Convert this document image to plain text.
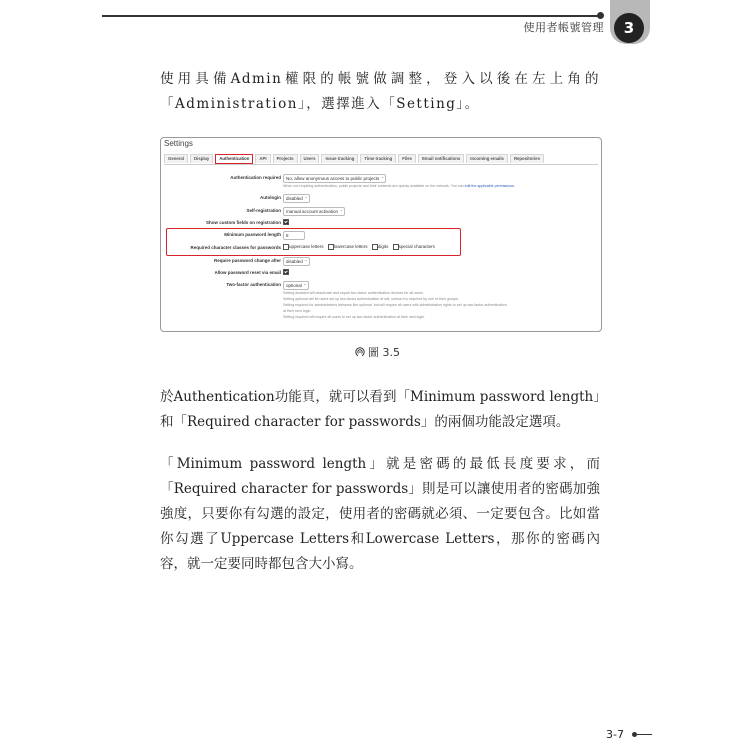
使用者帳號管理	3
使用具備Admin權限的帳號做調整，登入以後在左上角的「Administration」，選擇進入「Setting」。
Settings
General	Display	Authentication	API	Projects	Users	Issue tracking	Time tracking	Files	Email notifications	Incoming emails	Repositories
Authentication required	No, allow anonymous access to public projects ⌄
When not requiring authentication, public projects and their contents are openly available on the network. You can edit the applicable permissions.
Autologin	disabled ⌄
Self-registration	manual account activation ⌄
Show custom fields on registration
Minimum password length	8
Required character classes for passwords	uppercase letters lowercase letters digits special characters
Require password change after	disabled ⌄
Allow password reset via email
Two-factor authentication	optional ⌄
Setting disabled will deactivate and unpair two-factor authentication devices for all users.
Setting optional will let users set up two-factor authentication at will, unless it is required by one of their groups.
Setting required for administrators behaves like optional, but will require all users with administration rights to set up two-factor authentication
at their next login.
Setting required will require all users to set up two-factor authentication at their next login.
圖 3.5
於Authentication功能頁，就可以看到「Minimum password length」和「Required character for passwords」的兩個功能設定選項。
「Minimum password length」就是密碼的最低長度要求，而「Required character for passwords」則是可以讓使用者的密碼加強強度，只要你有勾選的設定，使用者的密碼就必須、一定要包含。比如當你勾選了Uppercase Letters和Lowercase Letters，那你的密碼內容，就一定要同時都包含大小寫。
3-7
